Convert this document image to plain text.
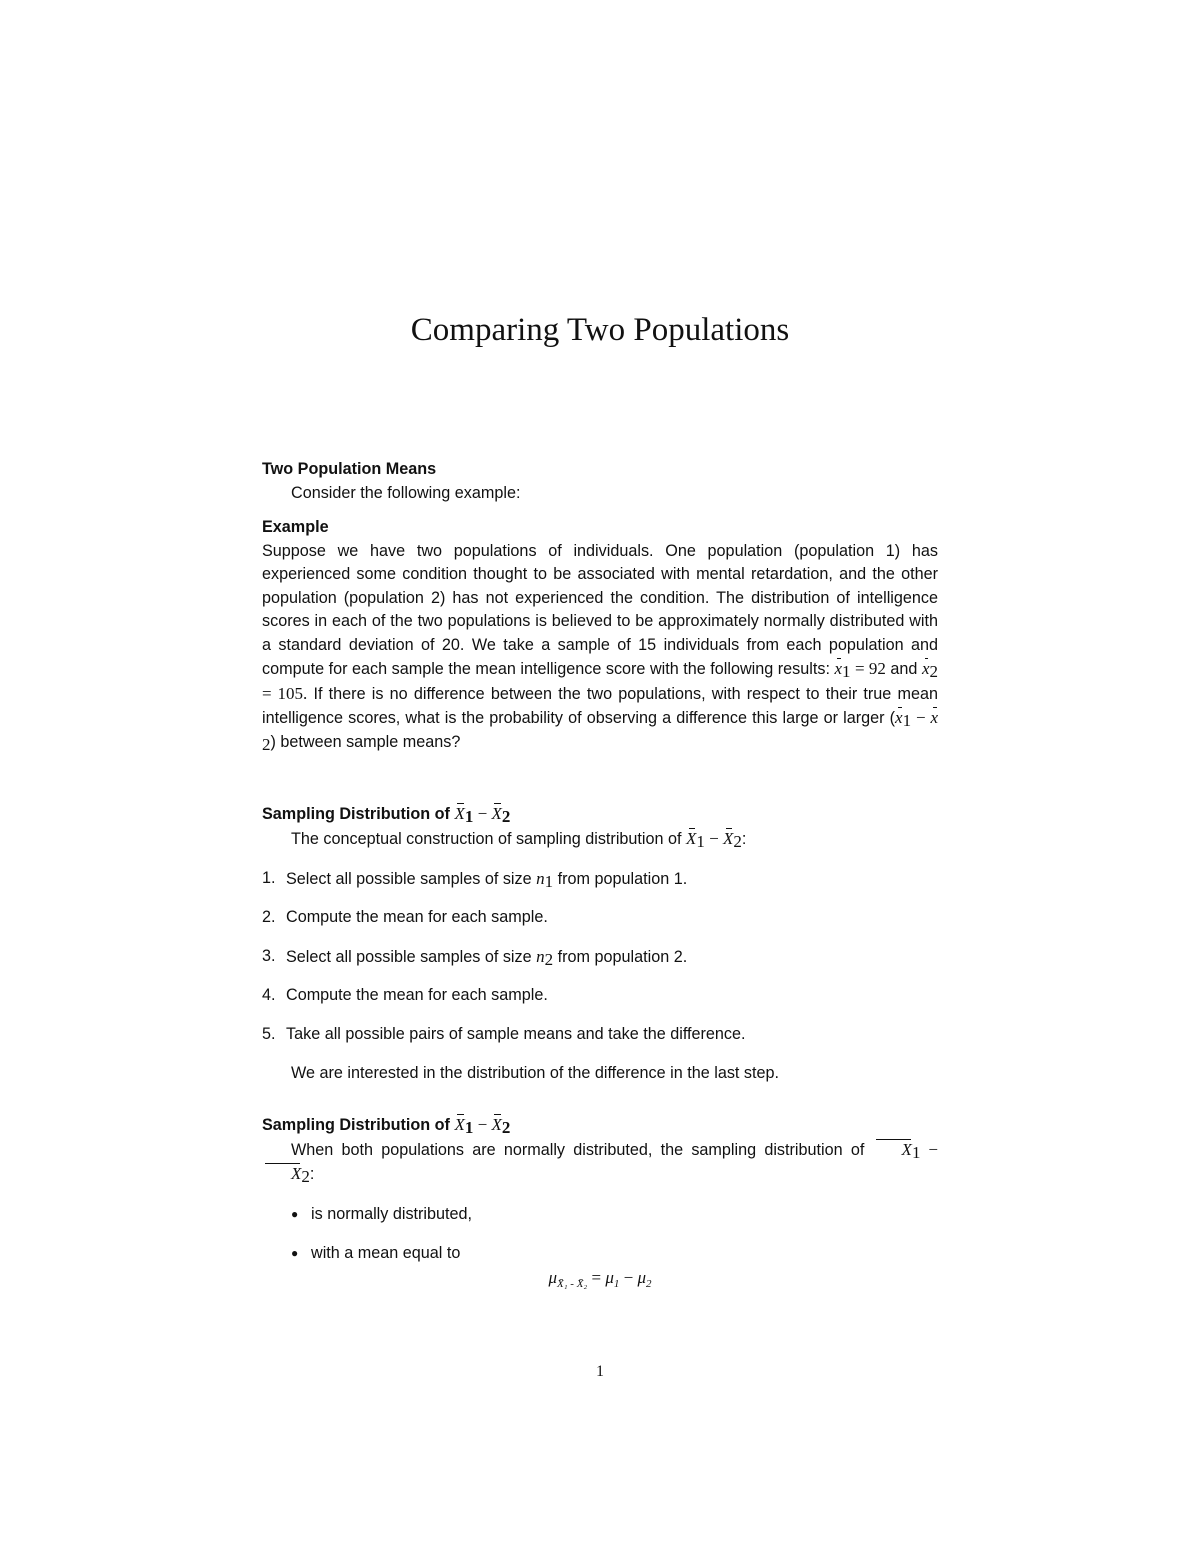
Comparing Two Populations

Two Population Means

Consider the following example:

Example

Suppose we have two populations of individuals. One population (population 1) has experienced some condition thought to be associated with mental retardation, and the other population (population 2) has not experienced the condition. The distribution of intelligence scores in each of the two populations is believed to be approximately normally distributed with a standard deviation of 20. We take a sample of 15 individuals from each population and compute for each sample the mean intelligence score with the following results: $x_1 = 92$ and $x_2 = 105$. If there is no difference between the two populations, with respect to their true mean intelligence scores, what is the probability of observing a difference this large or larger $(x_1 - x_2)$ between sample means?

Sampling Distribution of $X_1 - X_2$

The conceptual construction of sampling distribution of $X_1 - X_2$:

1. Select all possible samples of size $n_1$ from population 1.
2. Compute the mean for each sample.
3. Select all possible samples of size $n_2$ from population 2.
4. Compute the mean for each sample.
5. Take all possible pairs of sample means and take the difference.

We are interested in the distribution of the difference in the last step.

Sampling Distribution of $X_1 - X_2$

When both populations are normally distributed, the sampling distribution of $X_1 - X_2$:

● is normally distributed,
● with a mean equal to
$\mu_{X̄_1 - X̄_2} = \mu_1 - \mu_2$
1
